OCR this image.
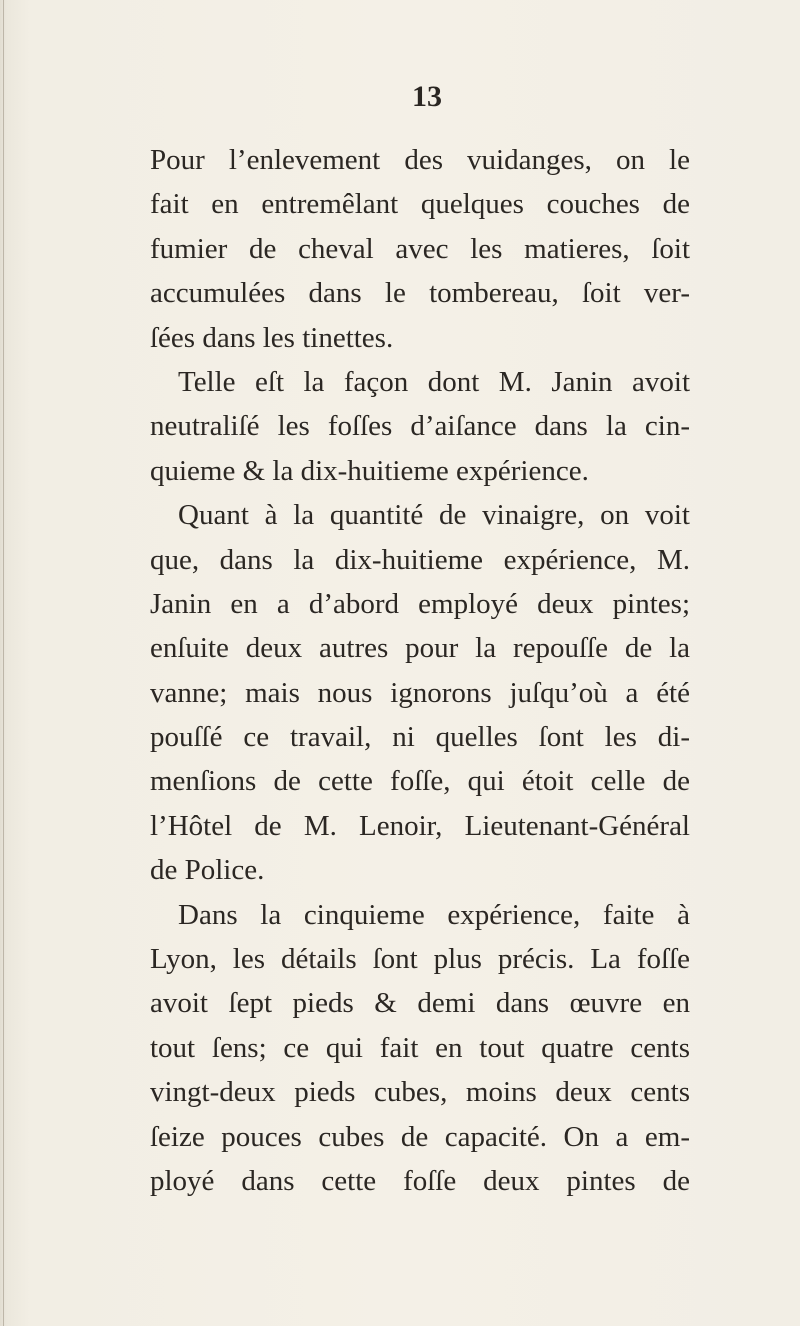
13
Pour l’enlevement des vuidanges, on le
fait en entremêlant quelques couches de
fumier de cheval avec les matieres, ſoit
accumulées dans le tombereau, ſoit ver-
ſées dans les tinettes.
Telle eſt la façon dont M. Janin avoit
neutraliſé les foſſes d’aiſance dans la cin-
quieme & la dix-huitieme expérience.
Quant à la quantité de vinaigre, on voit
que, dans la dix-huitieme expérience, M.
Janin en a d’abord employé deux pintes;
enſuite deux autres pour la repouſſe de la
vanne; mais nous ignorons juſqu’où a été
pouſſé ce travail, ni quelles ſont les di-
menſions de cette foſſe, qui étoit celle de
l’Hôtel de M. Lenoir, Lieutenant-Général
de Police.
Dans la cinquieme expérience, faite à
Lyon, les détails ſont plus précis. La foſſe
avoit ſept pieds & demi dans œuvre en
tout ſens; ce qui fait en tout quatre cents
vingt-deux pieds cubes, moins deux cents
ſeize pouces cubes de capacité. On a em-
ployé dans cette foſſe deux pintes de
